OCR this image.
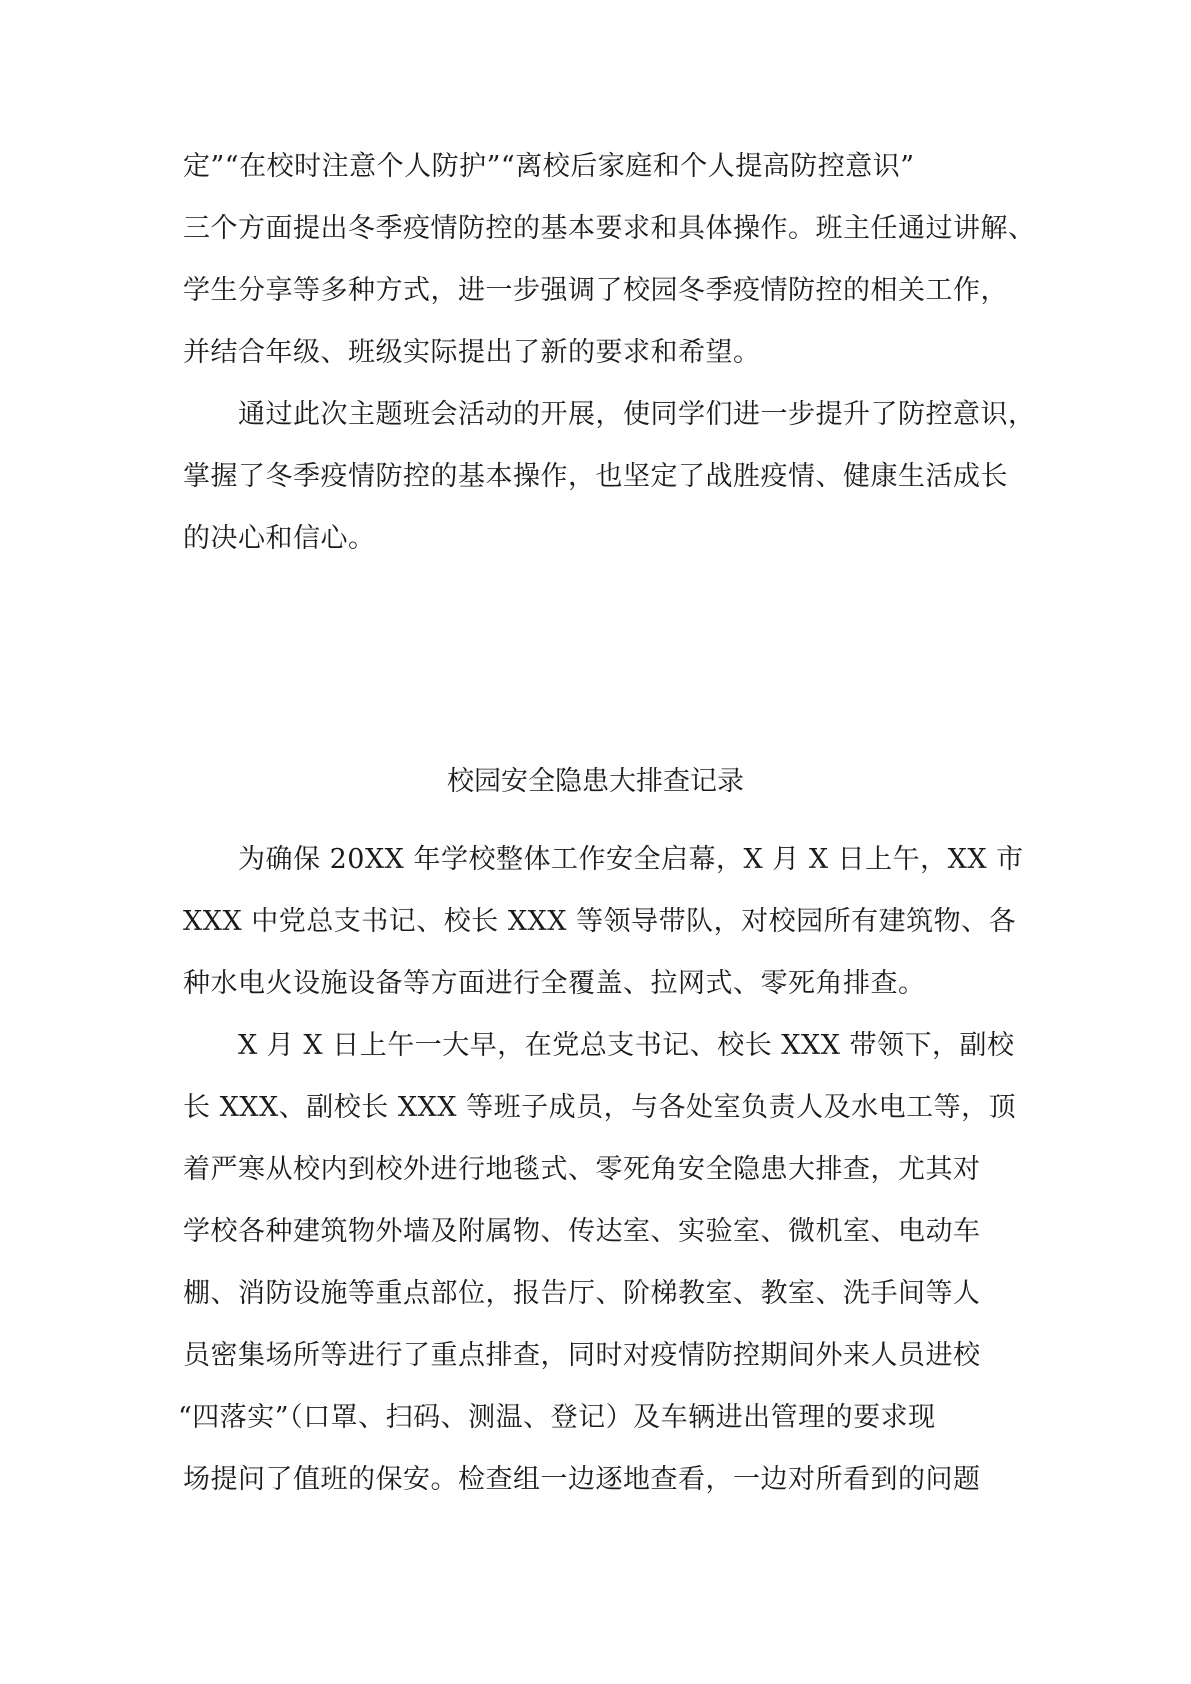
定”“在校时注意个人防护”“离校后家庭和个人提高防控意识”
三个方面提出冬季疫情防控的基本要求和具体操作。班主任通过讲解、
学生分享等多种方式，进一步强调了校园冬季疫情防控的相关工作，
并结合年级、班级实际提出了新的要求和希望。
通过此次主题班会活动的开展，使同学们进一步提升了防控意识，
掌握了冬季疫情防控的基本操作，也坚定了战胜疫情、健康生活成长
的决心和信心。
校园安全隐患大排查记录
为确保 20XX 年学校整体工作安全启幕，X 月 X 日上午，XX 市
XXX 中党总支书记、校长 XXX 等领导带队，对校园所有建筑物、各
种水电火设施设备等方面进行全覆盖、拉网式、零死角排查。
X 月 X 日上午一大早，在党总支书记、校长 XXX 带领下，副校
长 XXX、副校长 XXX 等班子成员，与各处室负责人及水电工等，顶
着严寒从校内到校外进行地毯式、零死角安全隐患大排查，尤其对
学校各种建筑物外墙及附属物、传达室、实验室、微机室、电动车
棚、消防设施等重点部位，报告厅、阶梯教室、教室、洗手间等人
员密集场所等进行了重点排查，同时对疫情防控期间外来人员进校
“四落实”（口罩、扫码、测温、登记）及车辆进出管理的要求现
场提问了值班的保安。检查组一边逐地查看，一边对所看到的问题
